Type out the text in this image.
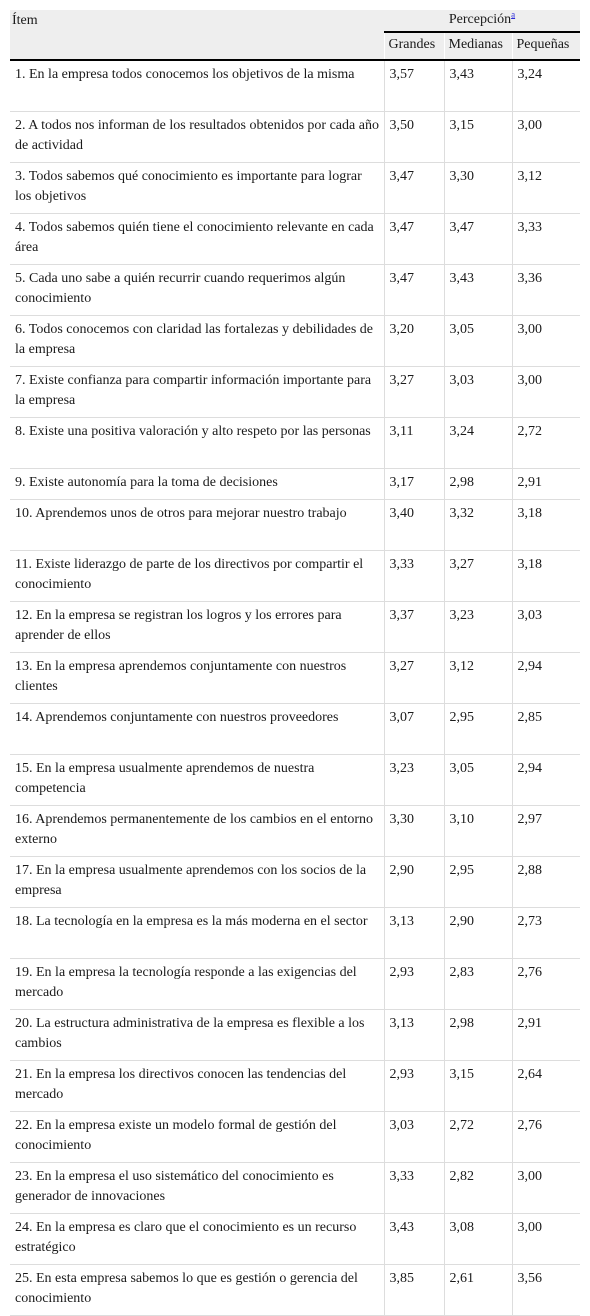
Ítem	Percepción$^a$
	Grandes	Medianas	Pequeñas
1. En la empresa todos conocemos los objetivos de la misma	3,57	3,43	3,24
2. A todos nos informan de los resultados obtenidos por cada año de actividad	3,50	3,15	3,00
3. Todos sabemos qué conocimiento es importante para lograr los objetivos	3,47	3,30	3,12
4. Todos sabemos quién tiene el conocimiento relevante en cada área	3,47	3,47	3,33
5. Cada uno sabe a quién recurrir cuando requerimos algún conocimiento	3,47	3,43	3,36
6. Todos conocemos con claridad las fortalezas y debilidades de la empresa	3,20	3,05	3,00
7. Existe confianza para compartir información importante para la empresa	3,27	3,03	3,00
8. Existe una positiva valoración y alto respeto por las personas	3,11	3,24	2,72
9. Existe autonomía para la toma de decisiones	3,17	2,98	2,91
10. Aprendemos unos de otros para mejorar nuestro trabajo	3,40	3,32	3,18
11. Existe liderazgo de parte de los directivos por compartir el conocimiento	3,33	3,27	3,18
12. En la empresa se registran los logros y los errores para aprender de ellos	3,37	3,23	3,03
13. En la empresa aprendemos conjuntamente con nuestros clientes	3,27	3,12	2,94
14. Aprendemos conjuntamente con nuestros proveedores	3,07	2,95	2,85
15. En la empresa usualmente aprendemos de nuestra competencia	3,23	3,05	2,94
16. Aprendemos permanentemente de los cambios en el entorno externo	3,30	3,10	2,97
17. En la empresa usualmente aprendemos con los socios de la empresa	2,90	2,95	2,88
18. La tecnología en la empresa es la más moderna en el sector	3,13	2,90	2,73
19. En la empresa la tecnología responde a las exigencias del mercado	2,93	2,83	2,76
20. La estructura administrativa de la empresa es flexible a los cambios	3,13	2,98	2,91
21. En la empresa los directivos conocen las tendencias del mercado	2,93	3,15	2,64
22. En la empresa existe un modelo formal de gestión del conocimiento	3,03	2,72	2,76
23. En la empresa el uso sistemático del conocimiento es generador de innovaciones	3,33	2,82	3,00
24. En la empresa es claro que el conocimiento es un recurso estratégico	3,43	3,08	3,00
25. En esta empresa sabemos lo que es gestión o gerencia del conocimiento	3,85	2,61	3,56
